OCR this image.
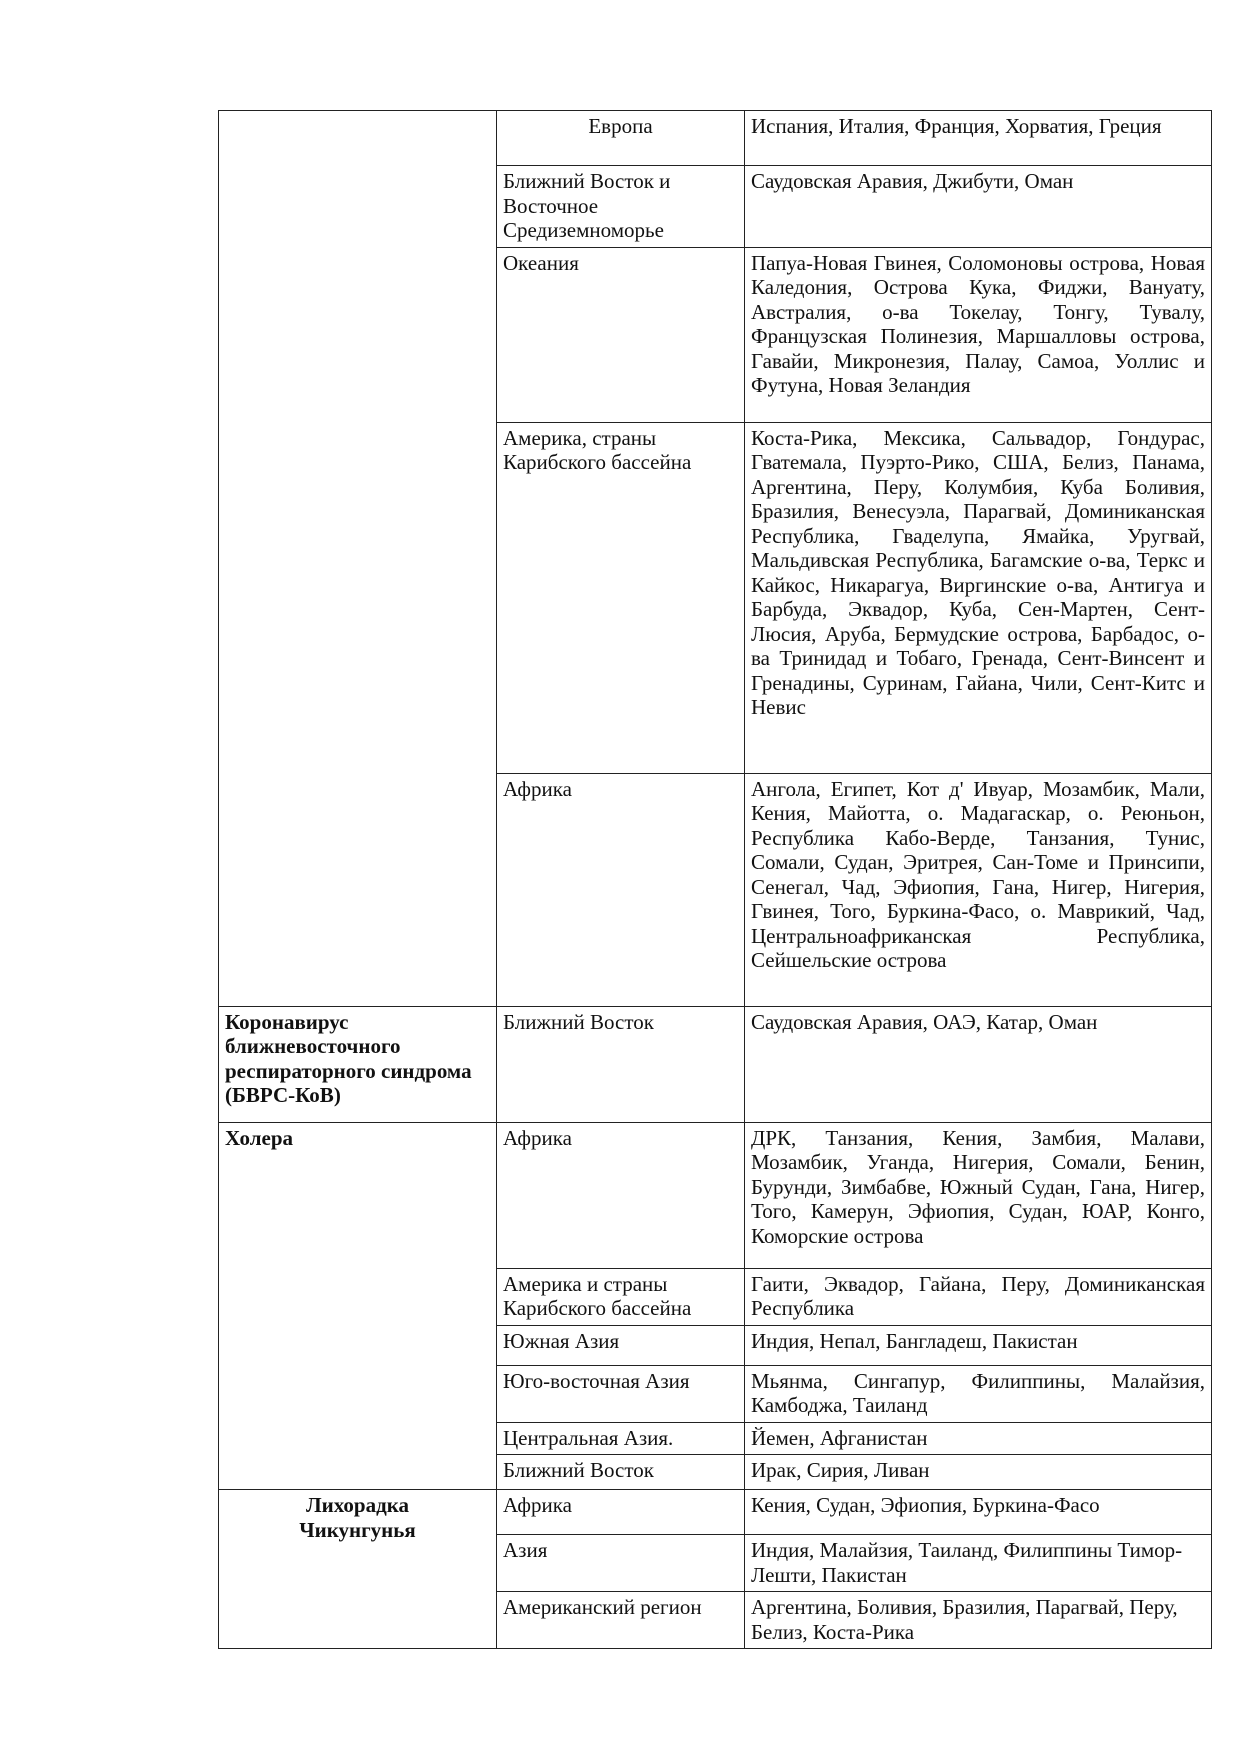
	Европа	Испания, Италия, Франция, Хорватия, Греция
	Ближний Восток и Восточное Средиземноморье	Саудовская Аравия, Джибути, Оман
	Океания	Папуа-Новая Гвинея, Соломоновы острова, Новая Каледония, Острова Кука, Фиджи, Вануату, Австралия, о-ва Токелау, Тонгу, Тувалу, Французская Полинезия, Маршалловы острова, Гавайи, Микронезия, Палау, Самоа, Уоллис и Футуна, Новая Зеландия
	Америка, страны Карибского бассейна	Коста-Рика, Мексика, Сальвадор, Гондурас, Гватемала, Пуэрто-Рико, США, Белиз, Панама, Аргентина, Перу, Колумбия, Куба Боливия, Бразилия, Венесуэла, Парагвай, Доминиканская Республика, Гваделупа, Ямайка, Уругвай, Мальдивская Республика, Багамские о-ва, Теркс и Кайкос, Никарагуа, Виргинские о-ва, Антигуа и Барбуда, Эквадор, Куба, Сен-Мартен, Сент-Люсия, Аруба, Бермудские острова, Барбадос, о-ва Тринидад и Тобаго, Гренада, Сент-Винсент и Гренадины, Суринам, Гайана, Чили, Сент-Китс и Невис
	Африка	Ангола, Египет, Кот д' Ивуар, Мозамбик, Мали, Кения, Майотта, о. Мадагаскар, о. Реюньон, Республика Кабо-Верде, Танзания, Тунис, Сомали, Судан, Эритрея, Сан-Томе и Принсипи, Сенегал, Чад, Эфиопия, Гана, Нигер, Нигерия, Гвинея, Того, Буркина-Фасо, о. Маврикий, Чад, Центральноафриканская Республика, Сейшельские острова
Коронавирус ближневосточного респираторного синдрома (БВРС-КоВ)	Ближний Восток	Саудовская Аравия, ОАЭ, Катар, Оман
Холера	Африка	ДРК, Танзания, Кения, Замбия, Малави, Мозамбик, Уганда, Нигерия, Сомали, Бенин, Бурунди, Зимбабве, Южный Судан, Гана, Нигер, Того, Камерун, Эфиопия, Судан, ЮАР, Конго, Коморские острова
	Америка и страны Карибского бассейна	Гаити, Эквадор, Гайана, Перу, Доминиканская Республика
	Южная Азия	Индия, Непал, Бангладеш, Пакистан
	Юго-восточная Азия	Мьянма, Сингапур, Филиппины, Малайзия, Камбоджа, Таиланд
	Центральная Азия.	Йемен, Афганистан
	Ближний Восток	Ирак, Сирия, Ливан
Лихорадка Чикунгунья	Африка	Кения, Судан, Эфиопия, Буркина-Фасо
	Азия	Индия, Малайзия, Таиланд, Филиппины Тимор-Лешти, Пакистан
	Американский регион	Аргентина, Боливия, Бразилия, Парагвай, Перу, Белиз, Коста-Рика
